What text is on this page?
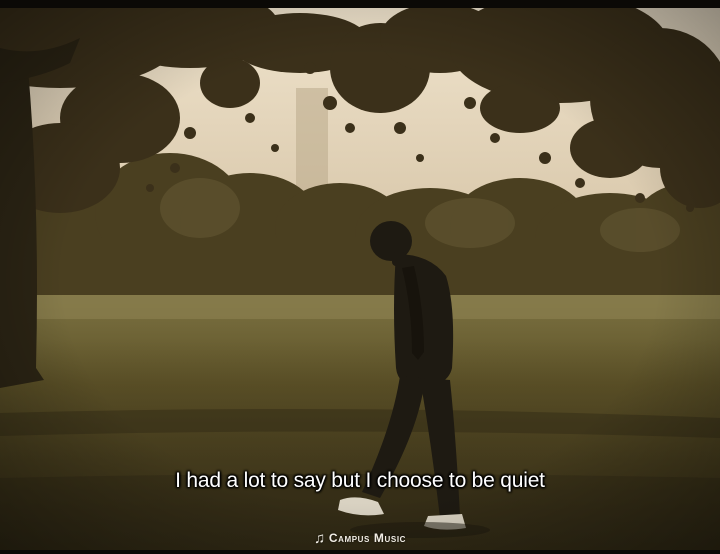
I had a lot to say but I choose to be quiet
♫ Campus Music
